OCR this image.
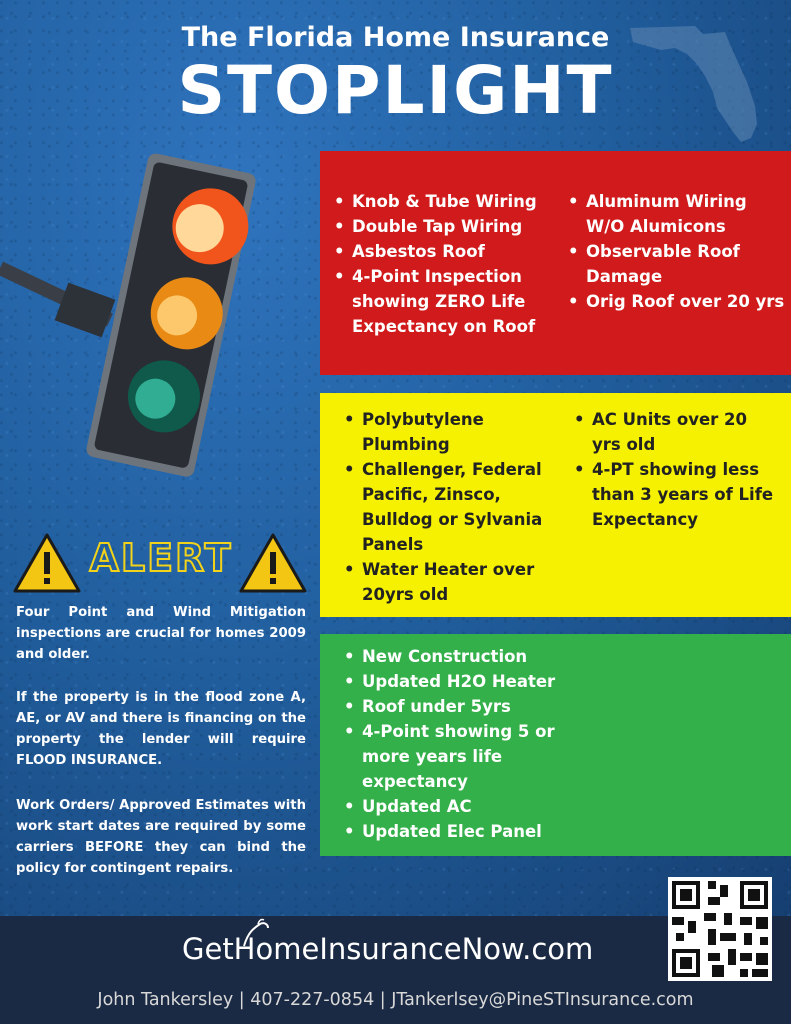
The Florida Home Insurance
STOPLIGHT
• Knob & Tube Wiring
• Double Tap Wiring
• Asbestos Roof
• 4-Point Inspection showing ZERO Life Expectancy on Roof
• Aluminum Wiring W/O Alumicons
• Observable Roof Damage
• Orig Roof over 20 yrs
• Polybutylene Plumbing
• Challenger, Federal Pacific, Zinsco, Bulldog or Sylvania Panels
• Water Heater over 20yrs old
• AC Units over 20 yrs old
• 4-PT showing less than 3 years of Life Expectancy
• New Construction
• Updated H2O Heater
• Roof under 5yrs
• 4-Point showing 5 or more years life expectancy
• Updated AC
• Updated Elec Panel
ALERT

Four Point and Wind Mitigation inspections are crucial for homes 2009 and older.

If the property is in the flood zone A, AE, or AV and there is financing on the property the lender will require FLOOD INSURANCE.

Work Orders/ Approved Estimates with work start dates are required by some carriers BEFORE they can bind the policy for contingent repairs.

GetHomeInsuranceNow.com
John Tankersley | 407-227-0854 | JTankerlsey@PineSTInsurance.com
